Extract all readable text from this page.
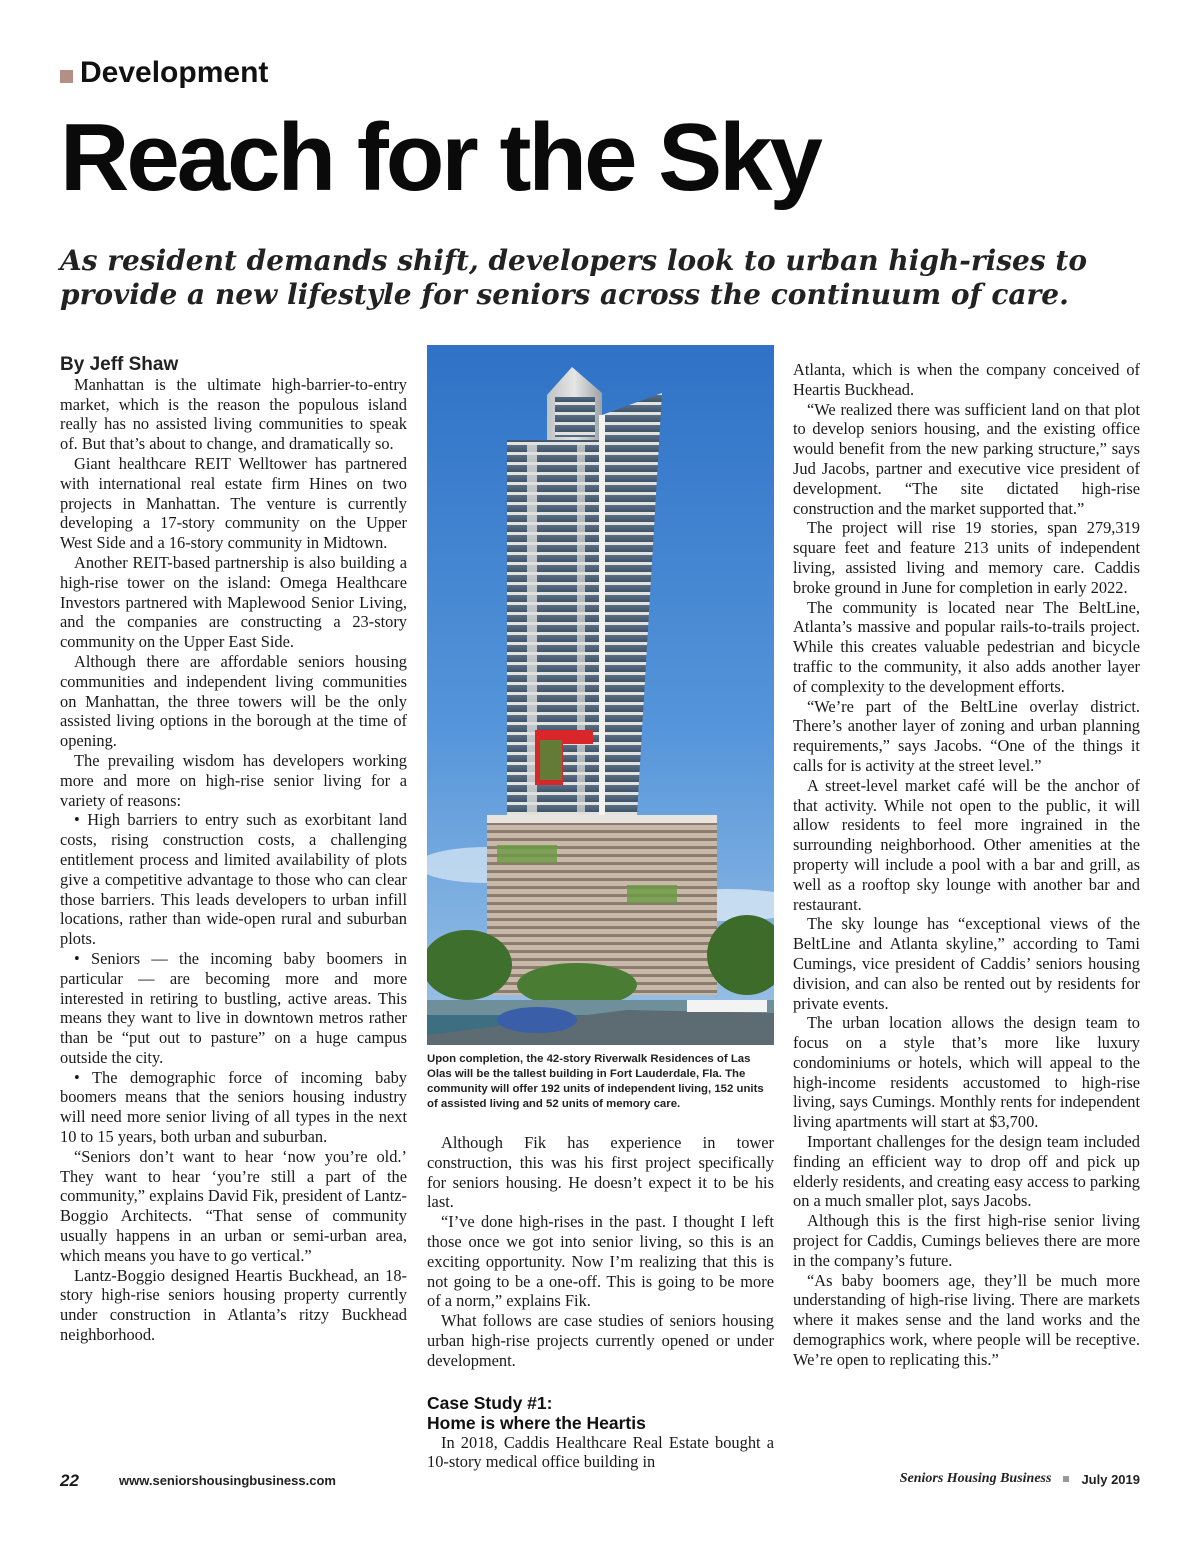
Development
Reach for the Sky

As resident demands shift, developers look to urban high-rises to provide a new lifestyle for seniors across the continuum of care.

By Jeff Shaw

Manhattan is the ultimate high-barrier-to-entry market, which is the reason the populous island really has no assisted living communities to speak of. But that’s about to change, and dramatically so.

Giant healthcare REIT Welltower has partnered with international real estate firm Hines on two projects in Manhattan. The venture is currently developing a 17-story community on the Upper West Side and a 16-story community in Midtown.

Another REIT-based partnership is also building a high-rise tower on the island: Omega Healthcare Investors partnered with Maplewood Senior Living, and the companies are constructing a 23-story community on the Upper East Side.

Although there are affordable seniors housing communities and independent living communities on Manhattan, the three towers will be the only assisted living options in the borough at the time of opening.

The prevailing wisdom has developers working more and more on high-rise senior living for a variety of reasons:

• High barriers to entry such as exorbitant land costs, rising construction costs, a challenging entitlement process and limited availability of plots give a competitive advantage to those who can clear those barriers. This leads developers to urban infill locations, rather than wide-open rural and suburban plots.

• Seniors — the incoming baby boomers in particular — are becoming more and more interested in retiring to bustling, active areas. This means they want to live in downtown metros rather than be “put out to pasture” on a huge campus outside the city.

• The demographic force of incoming baby boomers means that the seniors housing industry will need more senior living of all types in the next 10 to 15 years, both urban and suburban.

“Seniors don’t want to hear ‘now you’re old.’ They want to hear ‘you’re still a part of the community,” explains David Fik, president of Lantz-Boggio Architects. “That sense of community usually happens in an urban or semi-urban area, which means you have to go vertical.”

Lantz-Boggio designed Heartis Buckhead, an 18-story high-rise seniors housing property currently under construction in Atlanta’s ritzy Buckhead neighborhood.

Upon completion, the 42-story Riverwalk Residences of Las Olas will be the tallest building in Fort Lauderdale, Fla. The community will offer 192 units of independent living, 152 units of assisted living and 52 units of memory care.

Although Fik has experience in tower construction, this was his first project specifically for seniors housing. He doesn’t expect it to be his last.

“I’ve done high-rises in the past. I thought I left those once we got into senior living, so this is an exciting opportunity. Now I’m realizing that this is not going to be a one-off. This is going to be more of a norm,” explains Fik.

What follows are case studies of seniors housing urban high-rise projects currently opened or under development.

Case Study #1:
Home is where the Heartis

In 2018, Caddis Healthcare Real Estate bought a 10-story medical office building in

Atlanta, which is when the company conceived of Heartis Buckhead.

“We realized there was sufficient land on that plot to develop seniors housing, and the existing office would benefit from the new parking structure,” says Jud Jacobs, partner and executive vice president of development. “The site dictated high-rise construction and the market supported that.”

The project will rise 19 stories, span 279,319 square feet and feature 213 units of independent living, assisted living and memory care. Caddis broke ground in June for completion in early 2022.

The community is located near The BeltLine, Atlanta’s massive and popular rails-to-trails project. While this creates valuable pedestrian and bicycle traffic to the community, it also adds another layer of complexity to the development efforts.

“We’re part of the BeltLine overlay district. There’s another layer of zoning and urban planning requirements,” says Jacobs. “One of the things it calls for is activity at the street level.”

A street-level market café will be the anchor of that activity. While not open to the public, it will allow residents to feel more ingrained in the surrounding neighborhood. Other amenities at the property will include a pool with a bar and grill, as well as a rooftop sky lounge with another bar and restaurant.

The sky lounge has “exceptional views of the BeltLine and Atlanta skyline,” according to Tami Cumings, vice president of Caddis’ seniors housing division, and can also be rented out by residents for private events.

The urban location allows the design team to focus on a style that’s more like luxury condominiums or hotels, which will appeal to the high-income residents accustomed to high-rise living, says Cumings. Monthly rents for independent living apartments will start at $3,700.

Important challenges for the design team included finding an efficient way to drop off and pick up elderly residents, and creating easy access to parking on a much smaller plot, says Jacobs.

Although this is the first high-rise senior living project for Caddis, Cumings believes there are more in the company’s future.

“As baby boomers age, they’ll be much more understanding of high-rise living. There are markets where it makes sense and the land works and the demographics work, where people will be receptive. We’re open to replicating this.”

22	www.seniorshousingbusiness.com	Seniors Housing Business July 2019
